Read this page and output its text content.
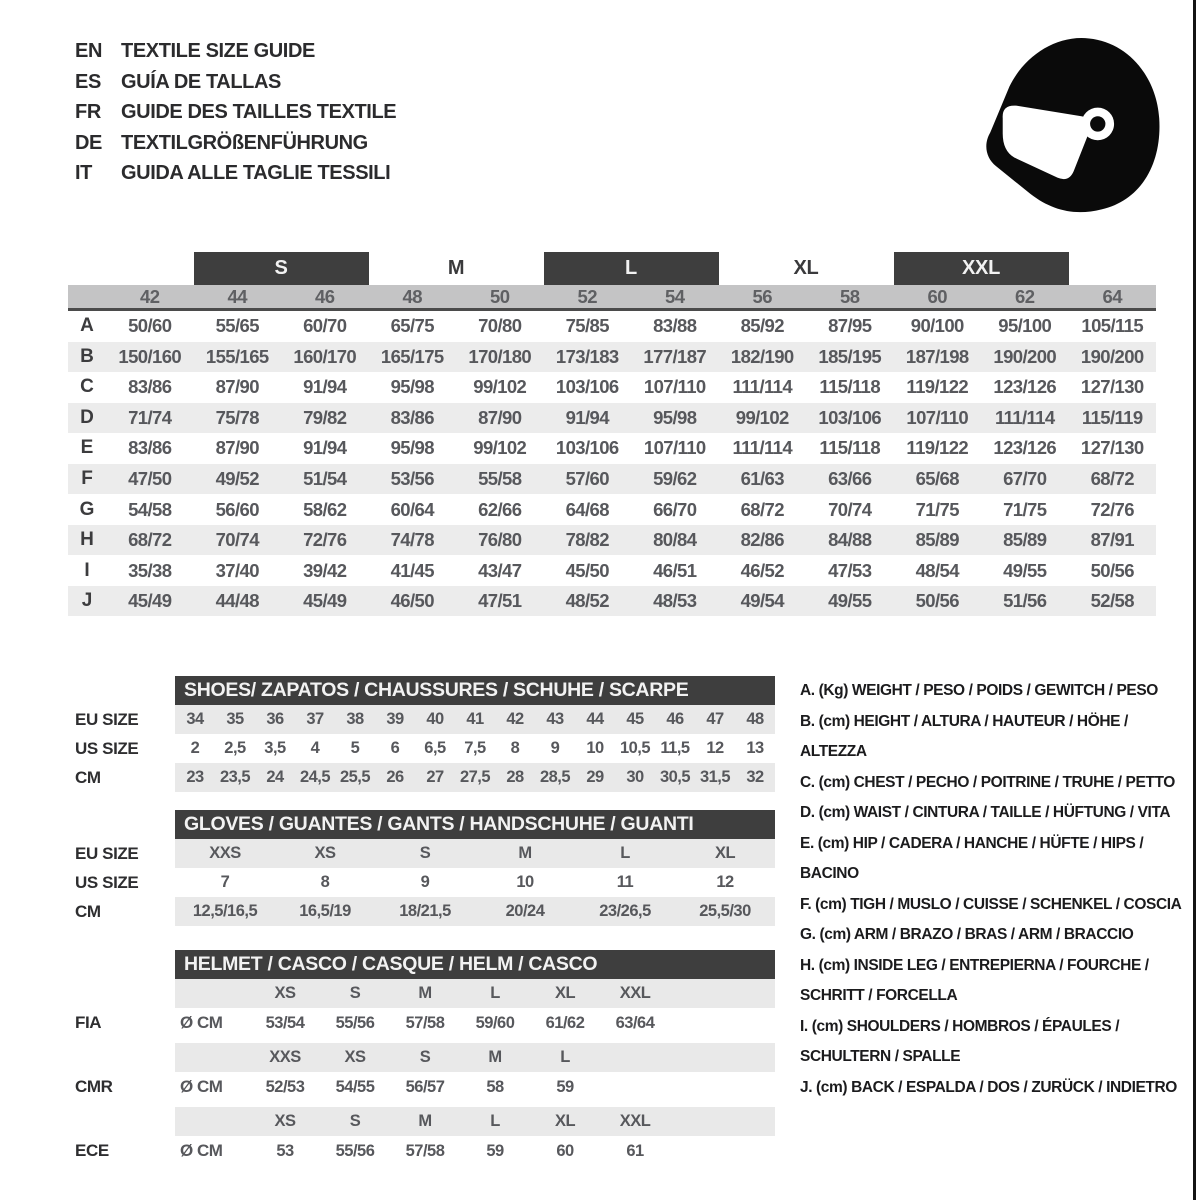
EN TEXTILE SIZE GUIDE
ES	GUÍA DE TALLAS
FR	GUIDE DES TAILLES TEXTILE
DE TEXTILGRÖßENFÜHRUNG
IT	GUIDA ALLE TAGLIE TESSILI
S	M	L	XL	XXL
42	44	46	48	50	52	54	56	58	60	62	64
A	50/60	55/65	60/70	65/75	70/80	75/85	83/88	85/92	87/95	90/100	95/100	105/115
B	150/160	155/165	160/170	165/175	170/180	173/183	177/187	182/190	185/195	187/198	190/200	190/200
C	83/86	87/90	91/94	95/98	99/102	103/106	107/110	111/114	115/118	119/122	123/126	127/130
D	71/74	75/78	79/82	83/86	87/90	91/94	95/98	99/102	103/106	107/110	111/114	115/119
E	83/86	87/90	91/94	95/98	99/102	103/106	107/110	111/114	115/118	119/122	123/126	127/130
F	47/50	49/52	51/54	53/56	55/58	57/60	59/62	61/63	63/66	65/68	67/70	68/72
G	54/58	56/60	58/62	60/64	62/66	64/68	66/70	68/72	70/74	71/75	71/75	72/76
H	68/72	70/74	72/76	74/78	76/80	78/82	80/84	82/86	84/88	85/89	85/89	87/91
I	35/38	37/40	39/42	41/45	43/47	45/50	46/51	46/52	47/53	48/54	49/55	50/56
J	45/49	44/48	45/49	46/50	47/51	48/52	48/53	49/54	49/55	50/56	51/56	52/58
SHOES/ ZAPATOS / CHAUSSURES / SCHUHE / SCARPE
EU SIZE	34	35	36	37	38	39	40	41	42	43	44	45	46	47	48
US SIZE	2	2,5	3,5	4	5	6	6,5	7,5	8	9	10 10,5 11,5	12	13
CM	23 23,5 24 24,5 25,5 26	27 27,5 28 28,5 29	30 30,5 31,5 32
GLOVES / GUANTES / GANTS / HANDSCHUHE / GUANTI
EU SIZE	XXS	XS	S	M	L	XL
US SIZE	7	8	9	10	11	12
CM	12,5/16,5	16,5/19	18/21,5	20/24	23/26,5	25,5/30
HELMET / CASCO / CASQUE / HELM / CASCO
XS	S	M	L	XL	XXL
FIA	Ø CM	53/54	55/56	57/58	59/60	61/62	63/64
XXS	XS	S	M	L
CMR	Ø CM	52/53	54/55	56/57	58	59
XS	S	M	L	XL	XXL
ECE	Ø CM	53	55/56	57/58	59	60	61
A. (Kg) WEIGHT / PESO / POIDS / GEWITCH / PESO
B. (cm) HEIGHT / ALTURA / HAUTEUR / HÖHE / ALTEZZA
C. (cm) CHEST / PECHO / POITRINE / TRUHE / PETTO
D. (cm) WAIST / CINTURA / TAILLE / HÜFTUNG / VITA
E. (cm) HIP / CADERA / HANCHE / HÜFTE / HIPS / BACINO
F. (cm) TIGH / MUSLO / CUISSE / SCHENKEL / COSCIA
G. (cm) ARM / BRAZO / BRAS / ARM / BRACCIO
H. (cm) INSIDE LEG / ENTREPIERNA / FOURCHE / SCHRITT / FORCELLA
I. (cm) SHOULDERS / HOMBROS / ÉPAULES / SCHULTERN / SPALLE
J. (cm) BACK / ESPALDA / DOS / ZURÜCK / INDIETRO
